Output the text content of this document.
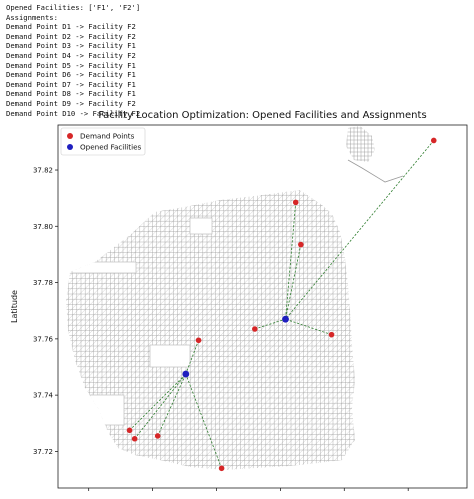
Opened Facilities: ['F1', 'F2']
Assignments:
Demand Point D1 -> Facility F2
Demand Point D2 -> Facility F2
Demand Point D3 -> Facility F1
Demand Point D4 -> Facility F2
Demand Point D5 -> Facility F1
Demand Point D6 -> Facility F1
Demand Point D7 -> Facility F1
Demand Point D8 -> Facility F1
Demand Point D9 -> Facility F2
Demand Point D10 -> Facility F2
Facility Location Optimization: Opened Facilities and Assignments
37.72
37.74
37.76
37.78
37.80
37.82
Demand Points
Opened Facilities
Latitude
